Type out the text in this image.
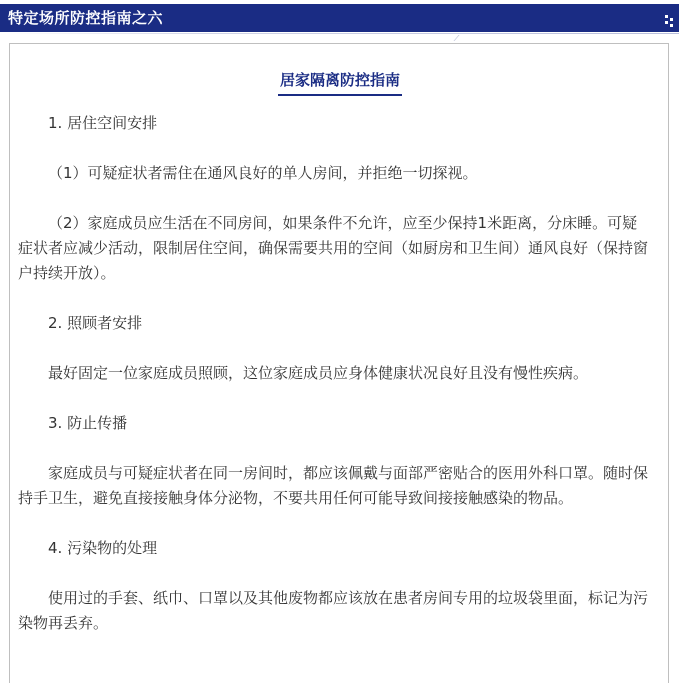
特定场所防控指南之六
居家隔离防控指南

1. 居住空间安排

（1）可疑症状者需住在通风良好的单人房间，并拒绝一切探视。

（2）家庭成员应生活在不同房间，如果条件不允许，应至少保持1米距离，分床睡。可疑症状者应减少活动，限制居住空间，确保需要共用的空间（如厨房和卫生间）通风良好（保持窗户持续开放）。

2. 照顾者安排

最好固定一位家庭成员照顾，这位家庭成员应身体健康状况良好且没有慢性疾病。

3. 防止传播

家庭成员与可疑症状者在同一房间时，都应该佩戴与面部严密贴合的医用外科口罩。随时保持手卫生，避免直接接触身体分泌物，不要共用任何可能导致间接接触感染的物品。

4. 污染物的处理

使用过的手套、纸巾、口罩以及其他废物都应该放在患者房间专用的垃圾袋里面，标记为污染物再丢弃。
